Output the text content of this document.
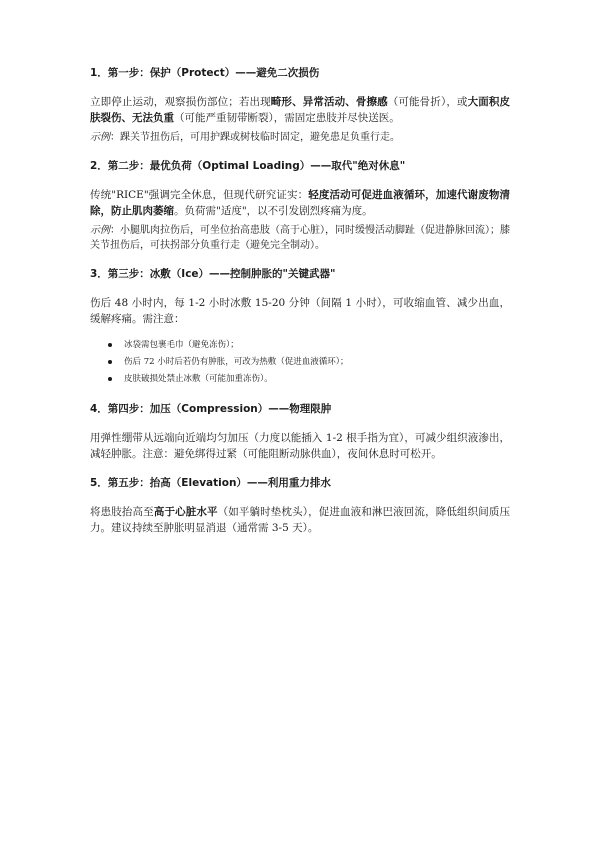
1．第一步：保护（Protect）——避免二次损伤
立即停止运动，观察损伤部位；若出现畸形、异常活动、骨擦感（可能骨折），或大面积皮肤裂伤、无法负重（可能严重韧带断裂），需固定患肢并尽快送医。
示例：踝关节扭伤后，可用护踝或树枝临时固定，避免患足负重行走。
2．第二步：最优负荷（Optimal Loading）——取代"绝对休息"
传统"RICE"强调完全休息，但现代研究证实：轻度活动可促进血液循环，加速代谢废物清除，防止肌肉萎缩。负荷需"适度"，以不引发剧烈疼痛为度。
示例：小腿肌肉拉伤后，可坐位抬高患肢（高于心脏），同时缓慢活动脚趾（促进静脉回流）；膝关节扭伤后，可扶拐部分负重行走（避免完全制动）。
3．第三步：冰敷（Ice）——控制肿胀的"关键武器"
伤后 48 小时内，每 1-2 小时冰敷 15-20 分钟（间隔 1 小时），可收缩血管、减少出血，缓解疼痛。需注意：
冰袋需包裹毛巾（避免冻伤）；
伤后 72 小时后若仍有肿胀，可改为热敷（促进血液循环）；
皮肤破损处禁止冰敷（可能加重冻伤）。
4．第四步：加压（Compression）——物理限肿
用弹性绷带从远端向近端均匀加压（力度以能插入 1-2 根手指为宜），可减少组织液渗出，减轻肿胀。注意：避免绑得过紧（可能阻断动脉供血），夜间休息时可松开。
5．第五步：抬高（Elevation）——利用重力排水
将患肢抬高至高于心脏水平（如平躺时垫枕头），促进血液和淋巴液回流，降低组织间质压力。建议持续至肿胀明显消退（通常需 3-5 天）。
